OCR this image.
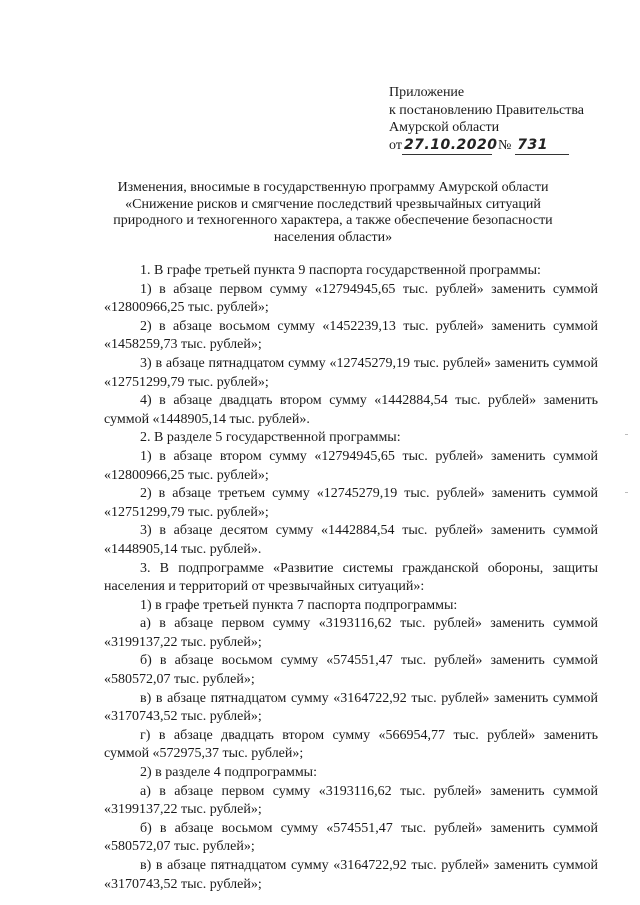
Приложение
к постановлению Правительства
Амурской области
от 27.10.2020 № 731
Изменения, вносимые в государственную программу Амурской области
«Снижение рисков и смягчение последствий чрезвычайных ситуаций
природного и техногенного характера, а также обеспечение безопасности
населения области»

1. В графе третьей пункта 9 паспорта государственной программы:

1) в абзаце первом сумму «12794945,65 тыс. рублей» заменить суммой «12800966,25 тыс. рублей»;

2) в абзаце восьмом сумму «1452239,13 тыс. рублей» заменить суммой «1458259,73 тыс. рублей»;

3) в абзаце пятнадцатом сумму «12745279,19 тыс. рублей» заменить суммой «12751299,79 тыс. рублей»;

4) в абзаце двадцать втором сумму «1442884,54 тыс. рублей» заменить суммой «1448905,14 тыс. рублей».

2. В разделе 5 государственной программы:

1) в абзаце втором сумму «12794945,65 тыс. рублей» заменить суммой «12800966,25 тыс. рублей»;

2) в абзаце третьем сумму «12745279,19 тыс. рублей» заменить суммой «12751299,79 тыс. рублей»;

3) в абзаце десятом сумму «1442884,54 тыс. рублей» заменить суммой «1448905,14 тыс. рублей».

3. В подпрограмме «Развитие системы гражданской обороны, защиты населения и территорий от чрезвычайных ситуаций»:

1) в графе третьей пункта 7 паспорта подпрограммы:

а) в абзаце первом сумму «3193116,62 тыс. рублей» заменить суммой «3199137,22 тыс. рублей»;

б) в абзаце восьмом сумму «574551,47 тыс. рублей» заменить суммой «580572,07 тыс. рублей»;

в) в абзаце пятнадцатом сумму «3164722,92 тыс. рублей» заменить суммой «3170743,52 тыс. рублей»;

г) в абзаце двадцать втором сумму «566954,77 тыс. рублей» заменить суммой «572975,37 тыс. рублей»;

2) в разделе 4 подпрограммы:

а) в абзаце первом сумму «3193116,62 тыс. рублей» заменить суммой «3199137,22 тыс. рублей»;

б) в абзаце восьмом сумму «574551,47 тыс. рублей» заменить суммой «580572,07 тыс. рублей»;

в) в абзаце пятнадцатом сумму «3164722,92 тыс. рублей» заменить суммой «3170743,52 тыс. рублей»;
